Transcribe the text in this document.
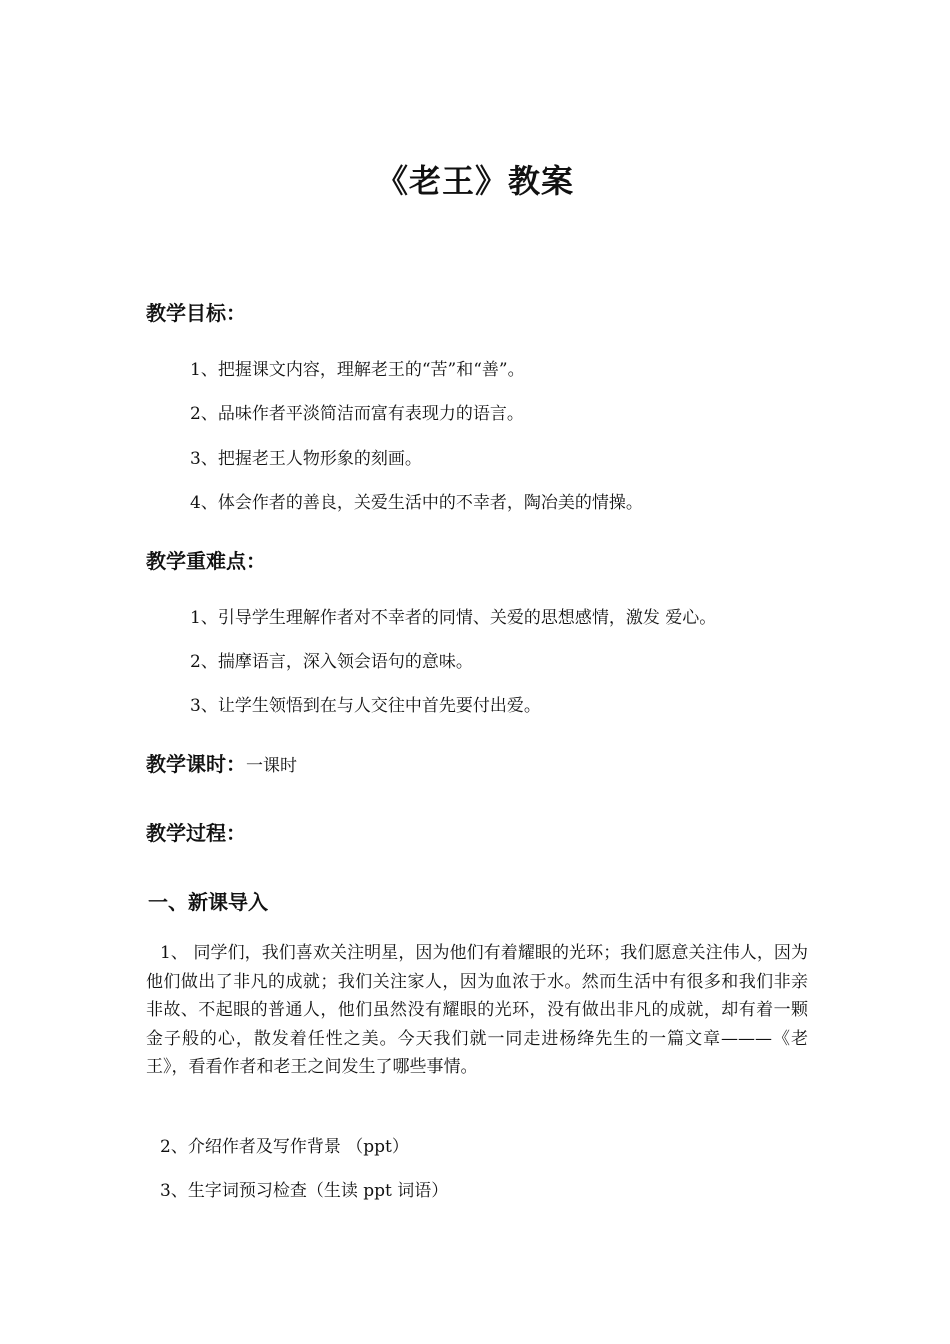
《老王》教案
教学目标：
1、把握课文内容，理解老王的“苦”和“善”。
2、品味作者平淡简洁而富有表现力的语言。
3、把握老王人物形象的刻画。
4、体会作者的善良，关爱生活中的不幸者，陶冶美的情操。
教学重难点：
1、引导学生理解作者对不幸者的同情、关爱的思想感情，激发 爱心。
2、揣摩语言，深入领会语句的意味。
3、让学生领悟到在与人交往中首先要付出爱。
教学课时：一课时
教学过程：
一、新课导入
1、 同学们，我们喜欢关注明星，因为他们有着耀眼的光环；我们愿意关注伟人，因为他们做出了非凡的成就；我们关注家人，因为血浓于水。然而生活中有很多和我们非亲非故、不起眼的普通人，他们虽然没有耀眼的光环，没有做出非凡的成就，却有着一颗金子般的心，散发着任性之美。今天我们就一同走进杨绛先生的一篇文章———《老王》，看看作者和老王之间发生了哪些事情。
2、介绍作者及写作背景 （ppt）
3、生字词预习检查（生读 ppt 词语）
